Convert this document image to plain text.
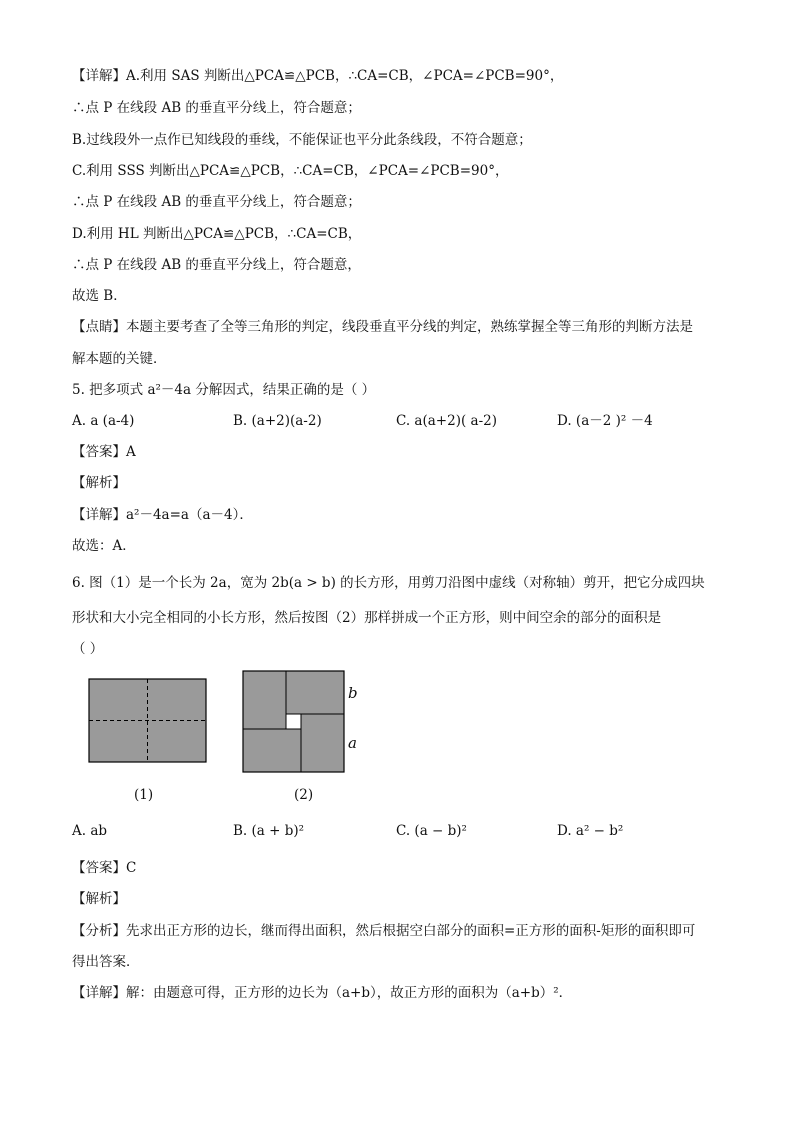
【详解】A.利用 SAS 判断出△PCA≌△PCB，∴CA=CB，∠PCA=∠PCB=90°，
∴点 P 在线段 AB 的垂直平分线上，符合题意；
B.过线段外一点作已知线段的垂线，不能保证也平分此条线段，不符合题意；
C.利用 SSS 判断出△PCA≌△PCB，∴CA=CB，∠PCA=∠PCB=90°，
∴点 P 在线段 AB 的垂直平分线上，符合题意；
D.利用 HL 判断出△PCA≌△PCB，∴CA=CB，
∴点 P 在线段 AB 的垂直平分线上，符合题意，
故选 B．
【点睛】本题主要考查了全等三角形的判定，线段垂直平分线的判定，熟练掌握全等三角形的判断方法是
解本题的关键．
5. 把多项式 a²－4a 分解因式，结果正确的是（ ）
A. a (a-4)	B. (a+2)(a-2)	C. a(a+2)( a-2)	D. (a－2 )² －4
【答案】A
【解析】
【详解】a²－4a=a（a－4）．
故选：A．
6. 图（1）是一个长为 2a，宽为 2b(a > b) 的长方形，用剪刀沿图中虚线（对称轴）剪开，把它分成四块
形状和大小完全相同的小长方形，然后按图（2）那样拼成一个正方形，则中间空余的部分的面积是
（ ）
(1)
b
a
(2)
A. ab	B. (a + b)²	C. (a − b)²	D. a² − b²
【答案】C
【解析】
【分析】先求出正方形的边长，继而得出面积，然后根据空白部分的面积=正方形的面积-矩形的面积即可
得出答案．
【详解】解：由题意可得，正方形的边长为（a+b），故正方形的面积为（a+b）²．
